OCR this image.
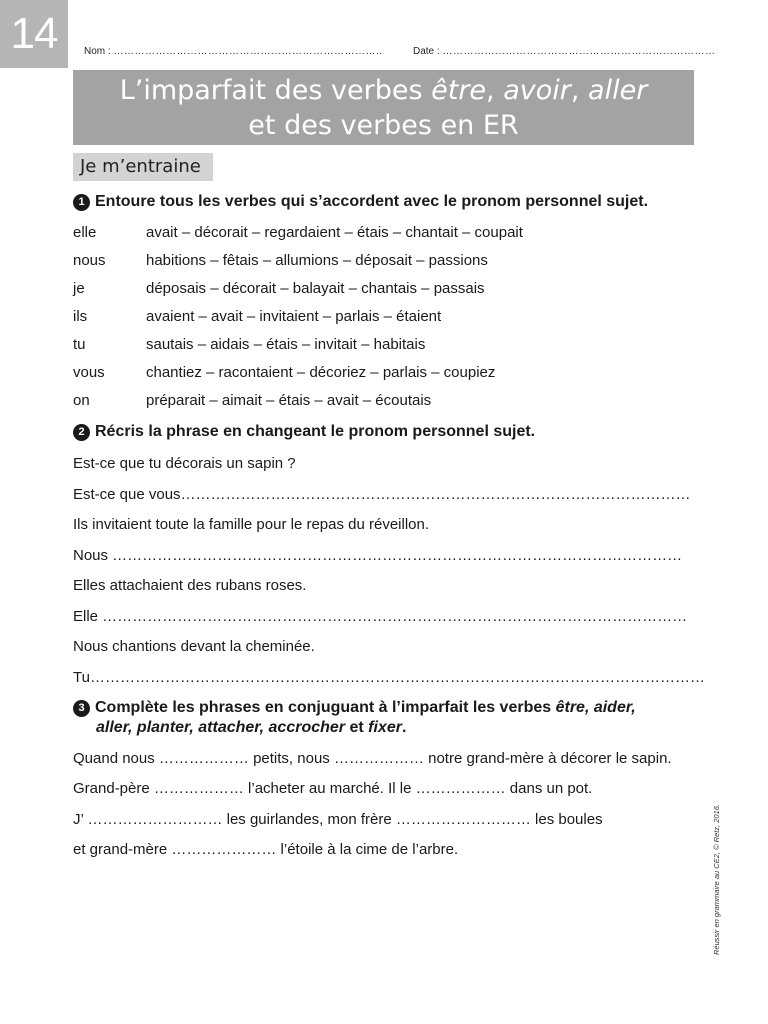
14	Nom : …………………………………………………………………..	Date : ……………………………………………………………………
L’imparfait des verbes être, avoir, aller
et des verbes en ER
Je m’entraine
1 Entoure tous les verbes qui s’accordent avec le pronom personnel sujet.
elle	avait – décorait – regardaient – étais – chantait – coupait
nous	habitions – fêtais – allumions – déposait – passions
je	déposais – décorait – balayait – chantais – passais
ils	avaient – avait – invitaient – parlais – étaient
tu	sautais – aidais – étais – invitait – habitais
vous	chantiez – racontaient – décoriez – parlais – coupiez
on	préparait – aimait – étais – avait – écoutais
2 Récris la phrase en changeant le pronom personnel sujet.
Est-ce que tu décorais un sapin ?
Est-ce que vous…………………………………………………………………………………………
Ils invitaient toute la famille pour le repas du réveillon.
Nous ……………………………………………………………………………………………………
Elles attachaient des rubans roses.
Elle ………………………………………………………………………………………………………
Nous chantions devant la cheminée.
Tu……………………………………………………………………………………………………………
3 Complète les phrases en conjuguant à l’imparfait les verbes être, aider,
aller, planter, attacher, accrocher et fixer.
Quand nous ……………… petits, nous ……………… notre grand-mère à décorer le sapin.
Grand-père ……………… l’acheter au marché. Il le ……………… dans un pot.
J’ ……………………… les guirlandes, mon frère ……………………… les boules
et grand-mère ………………… l’étoile à la cime de l’arbre.	Réussir en grammaire au CE2, © Retz, 2016.
